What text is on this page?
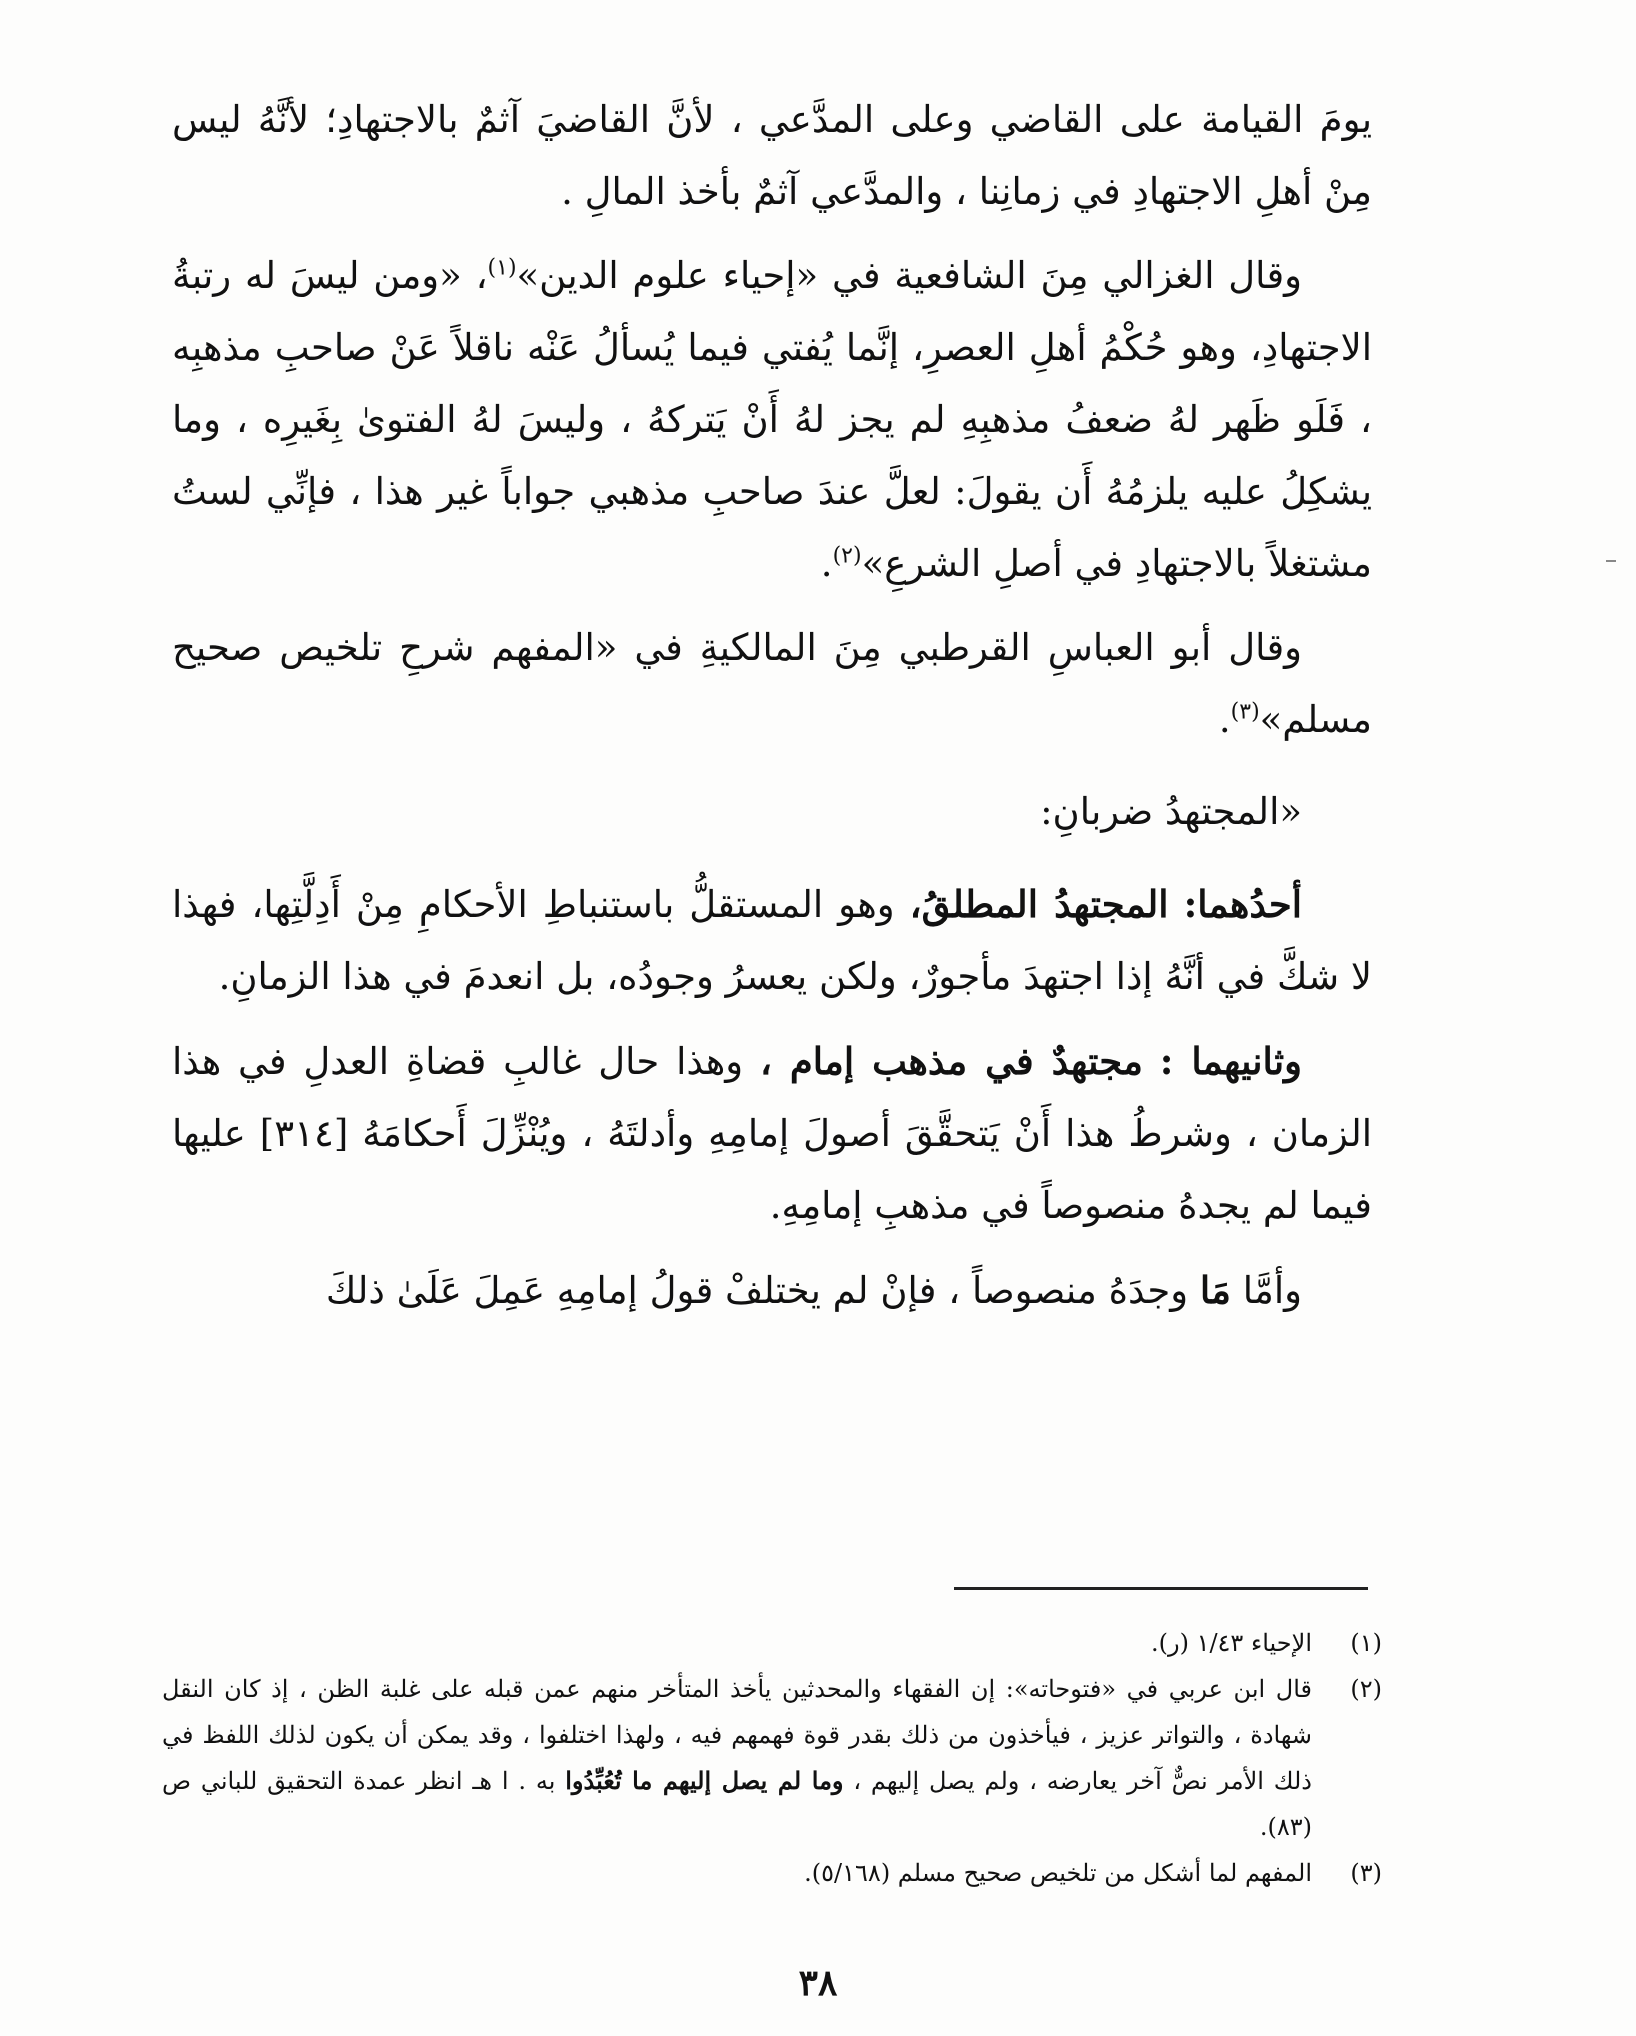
يومَ القيامة على القاضي وعلى المدَّعي ، لأنَّ القاضيَ آثمٌ بالاجتهادِ؛ لأنَّهُ ليس مِنْ أهلِ الاجتهادِ في زمانِنا ، والمدَّعي آثمٌ بأخذ المالِ .

وقال الغزالي مِنَ الشافعية في «إحياء علوم الدين»$^{(١)}$، «ومن ليسَ له رتبةُ الاجتهادِ، وهو حُكْمُ أهلِ العصرِ، إنَّما يُفتي فيما يُسألُ عَنْه ناقلاً عَنْ صاحبِ مذهبِه ، فَلَو ظَهر لهُ ضعفُ مذهبِهِ لم يجز لهُ أَنْ يَتركهُ ، وليسَ لهُ الفتوىٰ بِغَيرِه ، وما يشكِلُ عليه يلزمُهُ أَن يقولَ: لعلَّ عندَ صاحبِ مذهبي جواباً غير هذا ، فإنِّي لستُ مشتغلاً بالاجتهادِ في أصلِ الشرعِ»$^{(٢)}$.

وقال أبو العباسِ القرطبي مِنَ المالكيةِ في «المفهم شرحِ تلخيص صحيح مسلم»$^{(٣)}$.

«المجتهدُ ضربانِ:

أحدُهما: المجتهدُ المطلقُ، وهو المستقلُّ باستنباطِ الأحكامِ مِنْ أَدِلَّتِها، فهذا لا شكَّ في أنَّهُ إذا اجتهدَ مأجورٌ، ولكن يعسرُ وجودُه، بل انعدمَ في هذا الزمانِ.

وثانيهما : مجتهدٌ في مذهب إمام ، وهذا حال غالبِ قضاةِ العدلِ في هذا الزمان ، وشرطُ هذا أَنْ يَتحقَّقَ أصولَ إمامِهِ وأدلتَهُ ، ويُنْزِّلَ أَحكامَهُ [٣١٤] عليها فيما لم يجدهُ منصوصاً في مذهبِ إمامِهِ.

وأمَّا مَا وجدَهُ منصوصاً ، فإنْ لم يختلفْ قولُ إمامِهِ عَمِلَ عَلَىٰ ذلكَ

(١)
الإحياء ١/٤٣ (ر).
(٢)
قال ابن عربي في «فتوحاته»: إن الفقهاء والمحدثين يأخذ المتأخر منهم عمن قبله على غلبة الظن ، إذ كان النقل شهادة ، والتواتر عزيز ، فيأخذون من ذلك بقدر قوة فهمهم فيه ، ولهذا اختلفوا ، وقد يمكن أن يكون لذلك اللفظ في ذلك الأمر نصٌّ آخر يعارضه ، ولم يصل إليهم ، وما لم يصل إليهم ما تُعُبِّدُوا به . ا هـ انظر عمدة التحقيق للباني ص (٨٣).
(٣)
المفهم لما أشكل من تلخيص صحيح مسلم (٥/١٦٨).
٣٨
